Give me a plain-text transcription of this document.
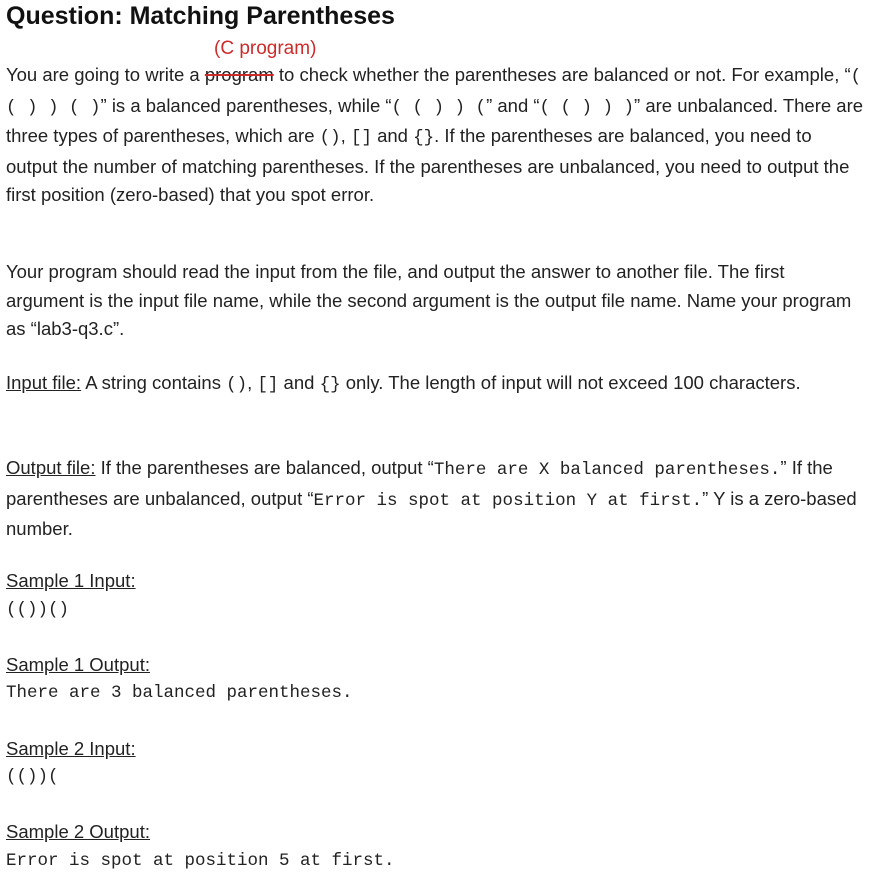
Question: Matching Parentheses
(C program)
You are going to write a program to check whether the parentheses are balanced or not. For example, “( ( ) ) ( )” is a balanced parentheses, while “( ( ) ) (” and “( ( ) ) )” are unbalanced. There are three types of parentheses, which are (), [] and {}. If the parentheses are balanced, you need to output the number of matching parentheses. If the parentheses are unbalanced, you need to output the first position (zero-based) that you spot error.
Your program should read the input from the file, and output the answer to another file. The first argument is the input file name, while the second argument is the output file name. Name your program as “lab3-q3.c”.
Input file: A string contains (), [] and {} only. The length of input will not exceed 100 characters.
Output file: If the parentheses are balanced, output “There are X balanced parentheses.” If the parentheses are unbalanced, output “Error is spot at position Y at first.” Y is a zero-based number.
Sample 1 Input:
(())()
Sample 1 Output:
There are 3 balanced parentheses.
Sample 2 Input:
(())(
Sample 2 Output:
Error is spot at position 5 at first.
